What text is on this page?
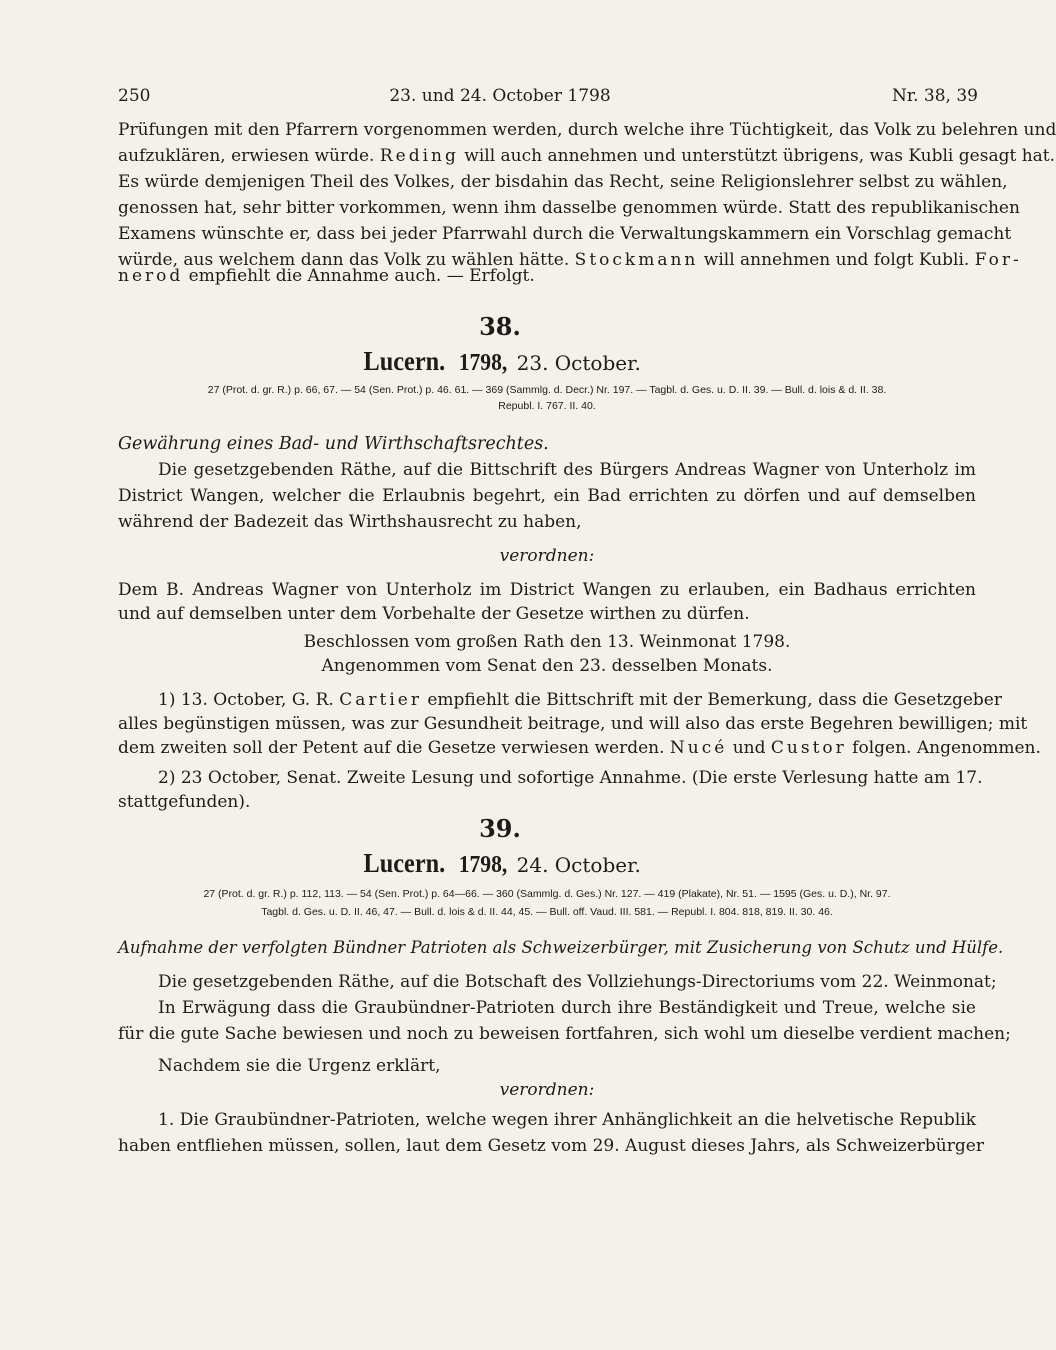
250	23. und 24. October 1798	Nr. 38, 39
Prüfungen mit den Pfarrern vorgenommen werden, durch welche ihre Tüchtigkeit, das Volk zu belehren und
aufzuklären, erwiesen würde. Reding will auch annehmen und unterstützt übrigens, was Kubli gesagt hat.
Es würde demjenigen Theil des Volkes, der bisdahin das Recht, seine Religionslehrer selbst zu wählen,
genossen hat, sehr bitter vorkommen, wenn ihm dasselbe genommen würde. Statt des republikanischen
Examens wünschte er, dass bei jeder Pfarrwahl durch die Verwaltungskammern ein Vorschlag gemacht
würde, aus welchem dann das Volk zu wählen hätte. Stockmann will annehmen und folgt Kubli. For-
nerod empfiehlt die Annahme auch. — Erfolgt.
38.
Lucern. 1798, 23. October.
27 (Prot. d. gr. R.) p. 66, 67. — 54 (Sen. Prot.) p. 46. 61. — 369 (Sammlg. d. Decr.) Nr. 197. — Tagbl. d. Ges. u. D. II. 39. — Bull. d. lois & d. II. 38.
Republ. I. 767. II. 40.
Gewährung eines Bad- und Wirthschaftsrechtes.
Die gesetzgebenden Räthe, auf die Bittschrift des Bürgers Andreas Wagner von Unterholz im
District Wangen, welcher die Erlaubnis begehrt, ein Bad errichten zu dörfen und auf demselben
während der Badezeit das Wirthshausrecht zu haben,
verordnen:
Dem B. Andreas Wagner von Unterholz im District Wangen zu erlauben, ein Badhaus errichten
und auf demselben unter dem Vorbehalte der Gesetze wirthen zu dürfen.
Beschlossen vom großen Rath den 13. Weinmonat 1798.
Angenommen vom Senat den 23. desselben Monats.
1) 13. October, G. R. Cartier empfiehlt die Bittschrift mit der Bemerkung, dass die Gesetzgeber
alles begünstigen müssen, was zur Gesundheit beitrage, und will also das erste Begehren bewilligen; mit
dem zweiten soll der Petent auf die Gesetze verwiesen werden. Nucé und Custor folgen. Angenommen.
2) 23 October, Senat. Zweite Lesung und sofortige Annahme. (Die erste Verlesung hatte am 17.
stattgefunden).
39.
Lucern. 1798, 24. October.
27 (Prot. d. gr. R.) p. 112, 113. — 54 (Sen. Prot.) p. 64—66. — 360 (Sammlg. d. Ges.) Nr. 127. — 419 (Plakate), Nr. 51. — 1595 (Ges. u. D.), Nr. 97.
Tagbl. d. Ges. u. D. II. 46, 47. — Bull. d. lois & d. II. 44, 45. — Bull. off. Vaud. III. 581. — Republ. I. 804. 818, 819. II. 30. 46.
Aufnahme der verfolgten Bündner Patrioten als Schweizerbürger, mit Zusicherung von Schutz und Hülfe.
Die gesetzgebenden Räthe, auf die Botschaft des Vollziehungs-Directoriums vom 22. Weinmonat;
In Erwägung dass die Graubündner-Patrioten durch ihre Beständigkeit und Treue, welche sie
für die gute Sache bewiesen und noch zu beweisen fortfahren, sich wohl um dieselbe verdient machen;
Nachdem sie die Urgenz erklärt,
verordnen:
1. Die Graubündner-Patrioten, welche wegen ihrer Anhänglichkeit an die helvetische Republik
haben entfliehen müssen, sollen, laut dem Gesetz vom 29. August dieses Jahrs, als Schweizerbürger
